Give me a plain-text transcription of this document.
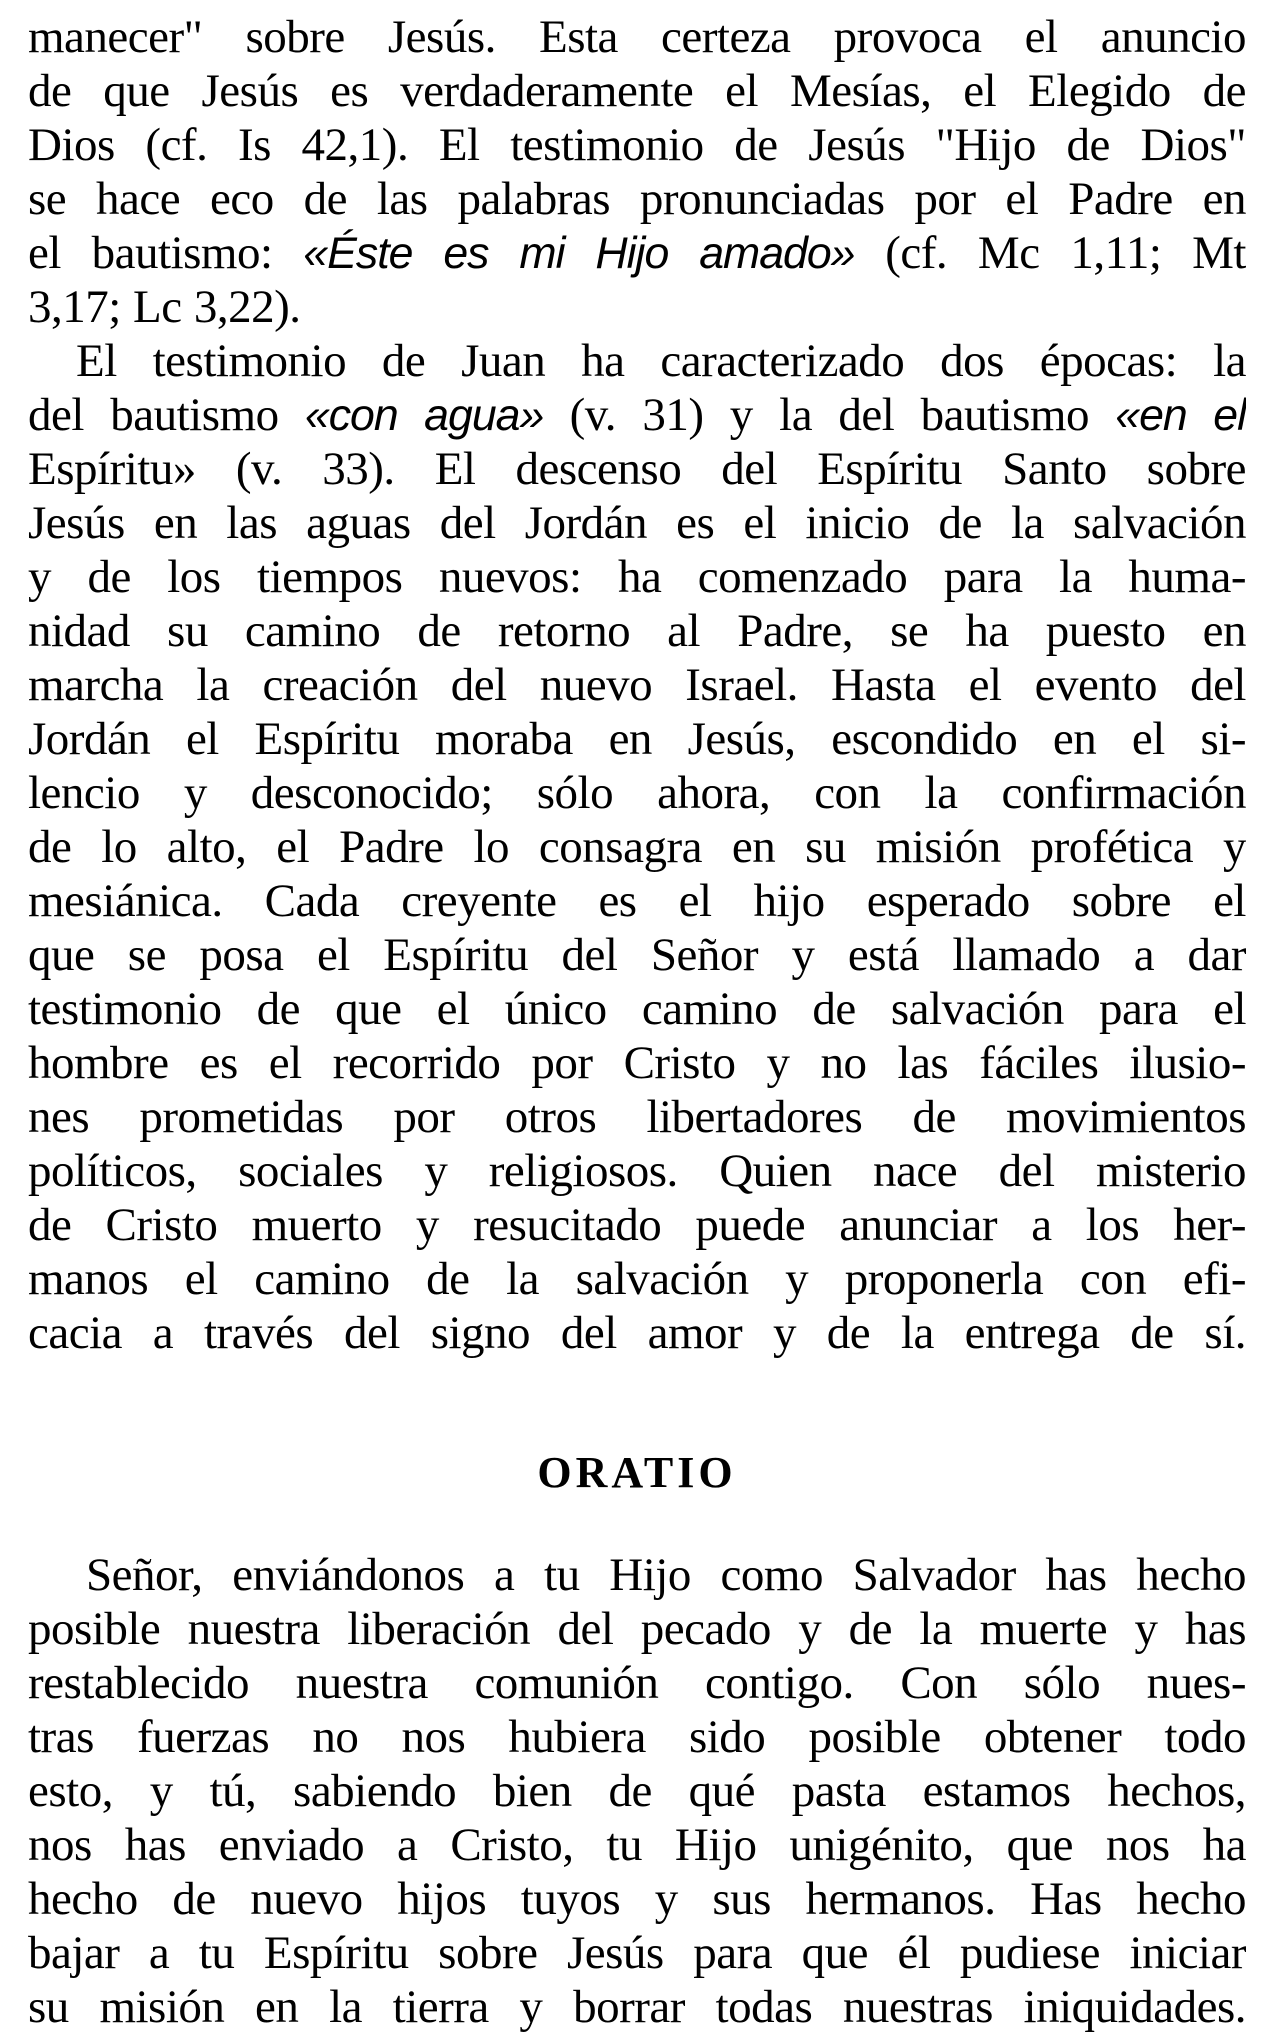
manecer" sobre Jesús. Esta certeza provoca el anuncio
de que Jesús es verdaderamente el Mesías, el Elegido de
Dios (cf. Is 42,1). El testimonio de Jesús "Hijo de Dios"
se hace eco de las palabras pronunciadas por el Padre en
el bautismo: «Éste es mi Hijo amado» (cf. Mc 1,11; Mt
3,17; Lc 3,22).
El testimonio de Juan ha caracterizado dos épocas: la
del bautismo «con agua» (v. 31) y la del bautismo «en el
Espíritu» (v. 33). El descenso del Espíritu Santo sobre
Jesús en las aguas del Jordán es el inicio de la salvación
y de los tiempos nuevos: ha comenzado para la huma-
nidad su camino de retorno al Padre, se ha puesto en
marcha la creación del nuevo Israel. Hasta el evento del
Jordán el Espíritu moraba en Jesús, escondido en el si-
lencio y desconocido; sólo ahora, con la confirmación
de lo alto, el Padre lo consagra en su misión profética y
mesiánica. Cada creyente es el hijo esperado sobre el
que se posa el Espíritu del Señor y está llamado a dar
testimonio de que el único camino de salvación para el
hombre es el recorrido por Cristo y no las fáciles ilusio-
nes prometidas por otros libertadores de movimientos
políticos, sociales y religiosos. Quien nace del misterio
de Cristo muerto y resucitado puede anunciar a los her-
manos el camino de la salvación y proponerla con efi-
cacia a través del signo del amor y de la entrega de sí.
ORATIO
Señor, enviándonos a tu Hijo como Salvador has hecho
posible nuestra liberación del pecado y de la muerte y has
restablecido nuestra comunión contigo. Con sólo nues-
tras fuerzas no nos hubiera sido posible obtener todo
esto, y tú, sabiendo bien de qué pasta estamos hechos,
nos has enviado a Cristo, tu Hijo unigénito, que nos ha
hecho de nuevo hijos tuyos y sus hermanos. Has hecho
bajar a tu Espíritu sobre Jesús para que él pudiese iniciar
su misión en la tierra y borrar todas nuestras iniquidades.
